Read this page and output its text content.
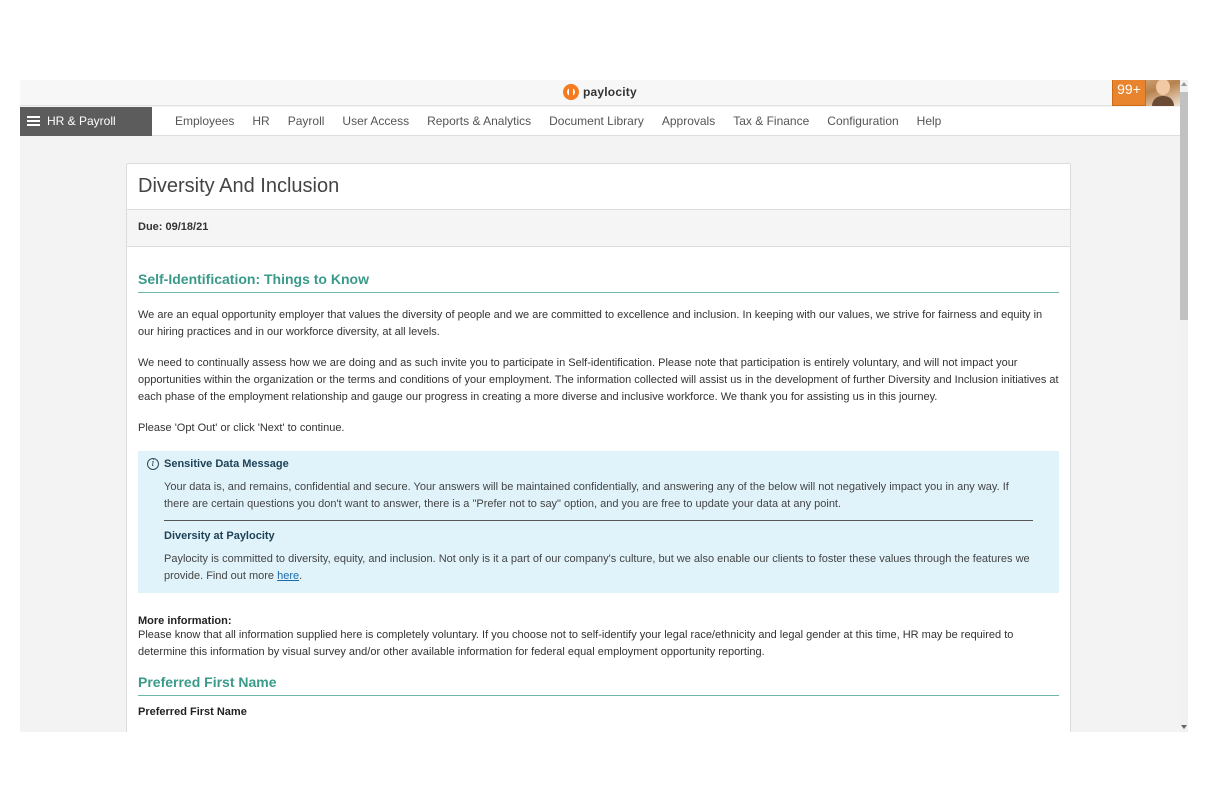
paylocity	99+
HR & Payroll	Employees	HR	Payroll	User Access	Reports & Analytics	Document Library	Approvals	Tax & Finance	Configuration	Help
Diversity And Inclusion
Due: 09/18/21
Self-Identification: Things to Know

We are an equal opportunity employer that values the diversity of people and we are committed to excellence and inclusion. In keeping with our values, we strive for fairness and equity in our hiring practices and in our workforce diversity, at all levels.

We need to continually assess how we are doing and as such invite you to participate in Self-identification. Please note that participation is entirely voluntary, and will not impact your opportunities within the organization or the terms and conditions of your employment. The information collected will assist us in the development of further Diversity and Inclusion initiatives at each phase of the employment relationship and gauge our progress in creating a more diverse and inclusive workforce. We thank you for assisting us in this journey.

Please 'Opt Out' or click 'Next' to continue.

i Sensitive Data Message

Your data is, and remains, confidential and secure. Your answers will be maintained confidentially, and answering any of the below will not negatively impact you in any way. If there are certain questions you don't want to answer, there is a "Prefer not to say" option, and you are free to update your data at any point.

Diversity at Paylocity

Paylocity is committed to diversity, equity, and inclusion. Not only is it a part of our company's culture, but we also enable our clients to foster these values through the features we provide. Find out more here.

More information:

Please know that all information supplied here is completely voluntary. If you choose not to self-identify your legal race/ethnicity and legal gender at this time, HR may be required to determine this information by visual survey and/or other available information for federal equal employment opportunity reporting.

Preferred First Name
Preferred First Name
